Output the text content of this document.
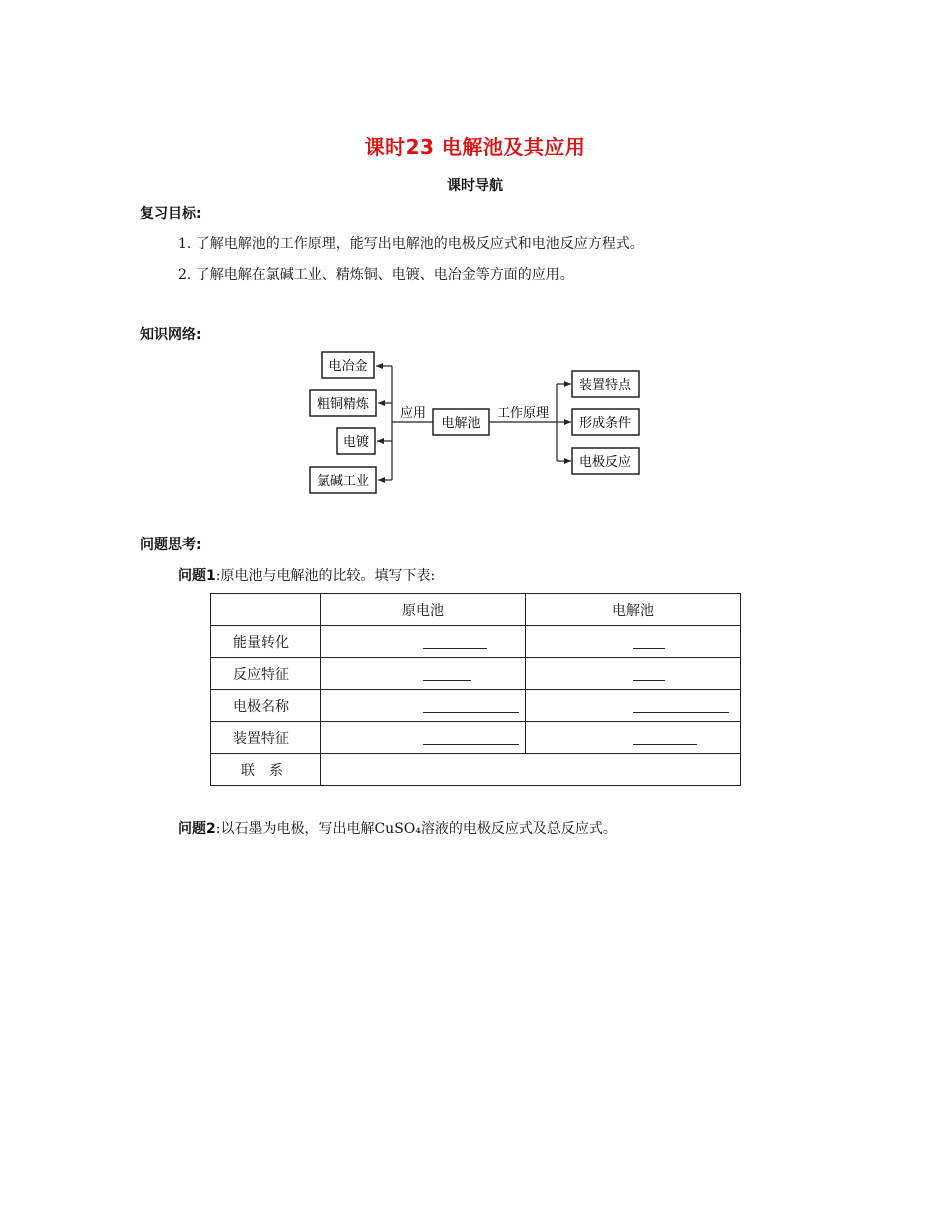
课时23 电解池及其应用
课时导航
复习目标:
1. 了解电解池的工作原理，能写出电解池的电极反应式和电池反应方程式。
2. 了解电解在氯碱工业、精炼铜、电镀、电冶金等方面的应用。
知识网络:
电冶金
粗铜精炼
电镀
氯碱工业
应用
电解池
工作原理
装置特点
形成条件
电极反应
问题思考:
问题1:原电池与电解池的比较。填写下表:
	原电池	电解池
能量转化		
反应特征		
电极名称		
装置特征		
联　系		
问题2:以石墨为电极，写出电解CuSO₄溶液的电极反应式及总反应式。
